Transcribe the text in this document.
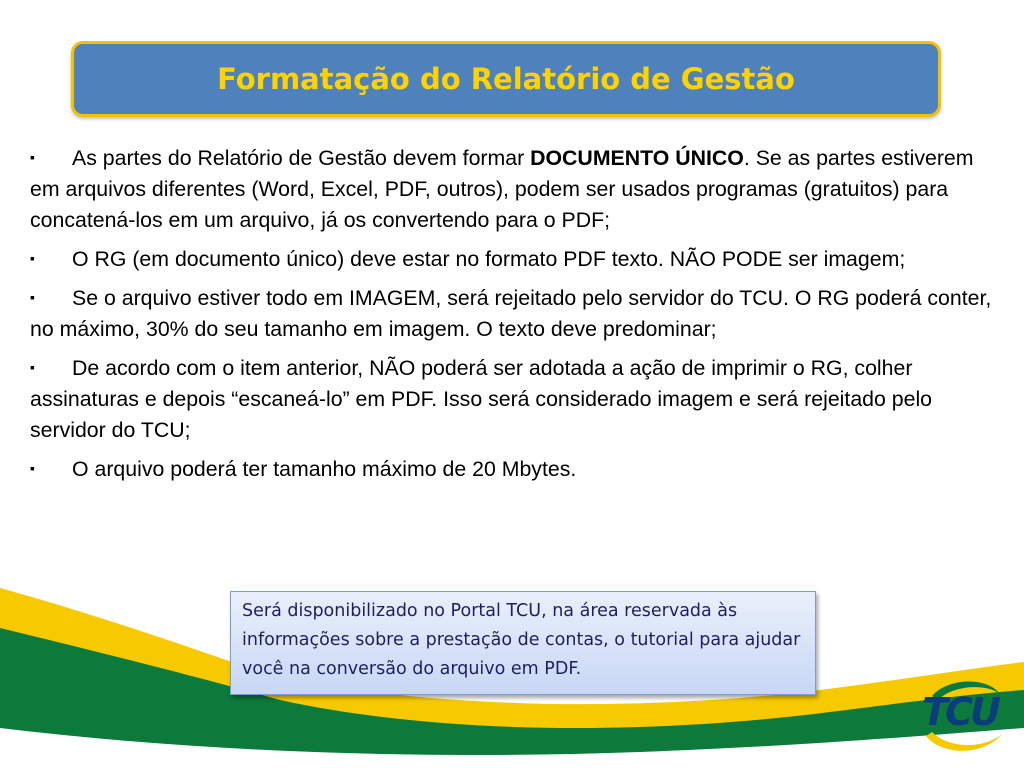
Formatação do Relatório de Gestão
▪ As partes do Relatório de Gestão devem formar DOCUMENTO ÚNICO. Se as partes estiverem em arquivos diferentes (Word, Excel, PDF, outros), podem ser usados programas (gratuitos) para concatená-los em um arquivo, já os convertendo para o PDF;
▪ O RG (em documento único) deve estar no formato PDF texto. NÃO PODE ser imagem;
▪ Se o arquivo estiver todo em IMAGEM, será rejeitado pelo servidor do TCU. O RG poderá conter, no máximo, 30% do seu tamanho em imagem. O texto deve predominar;
▪ De acordo com o item anterior, NÃO poderá ser adotada a ação de imprimir o RG, colher assinaturas e depois “escaneá-lo” em PDF. Isso será considerado imagem e será rejeitado pelo servidor do TCU;
▪ O arquivo poderá ter tamanho máximo de 20 Mbytes.
Será disponibilizado no Portal TCU, na área reservada às informações sobre a prestação de contas, o tutorial para ajudar você na conversão do arquivo em PDF.
TCU
